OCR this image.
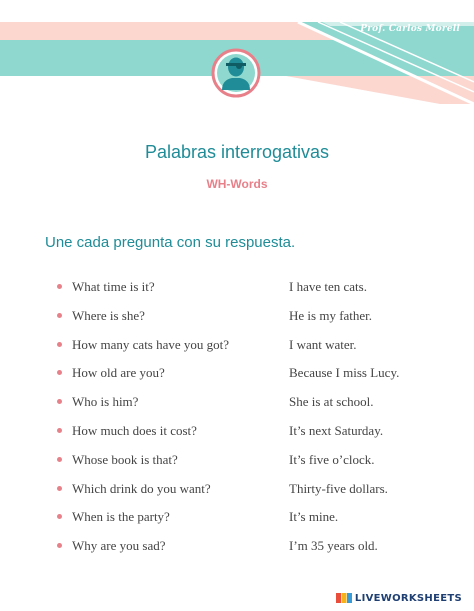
Prof. Carlos Morell
Palabras interrogativas
WH-Words
Une cada pregunta con su respuesta.
What time is it?	I have ten cats.
Where is she?	He is my father.
How many cats have you got?	I want water.
How old are you?	Because I miss Lucy.
Who is him?	She is at school.
How much does it cost?	It’s next Saturday.
Whose book is that?	It’s five o’clock.
Which drink do you want?	Thirty-five dollars.
When is the party?	It’s mine.
Why are you sad?	I’m 35 years old.
LIVEWORKSHEETS
